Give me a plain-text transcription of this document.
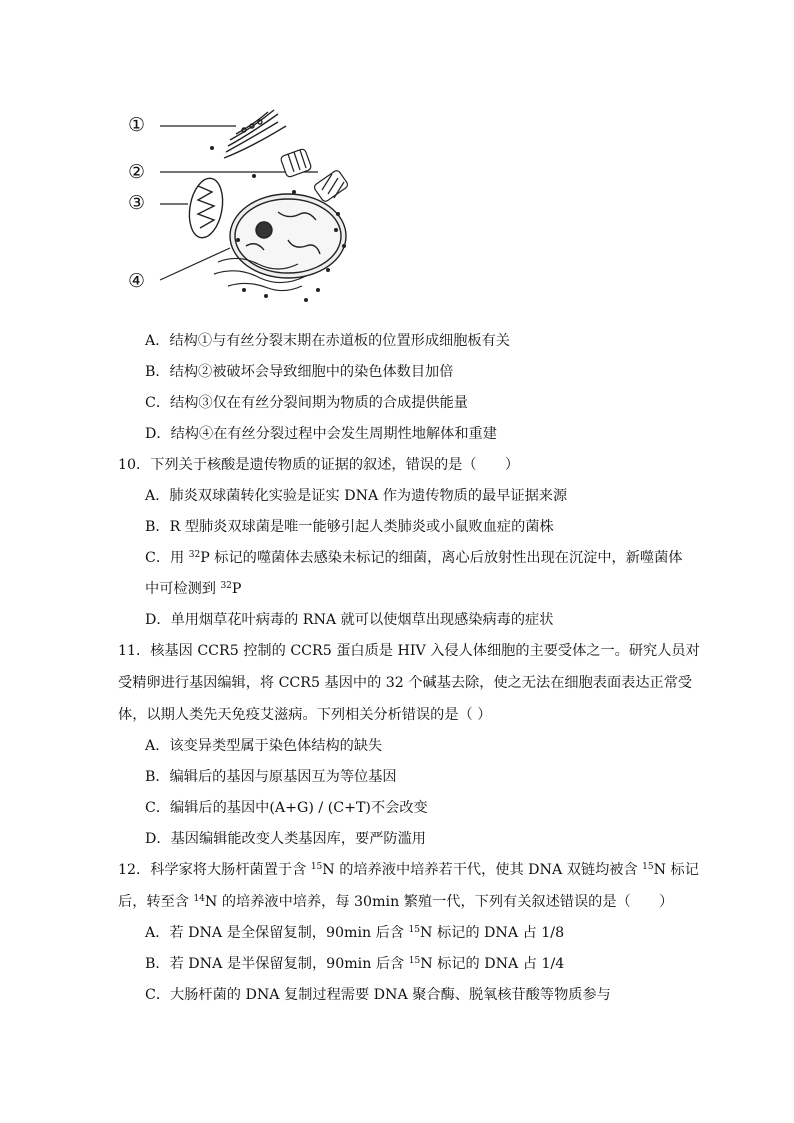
①
②
③
④
A．结构①与有丝分裂末期在赤道板的位置形成细胞板有关
B．结构②被破坏会导致细胞中的染色体数目加倍
C．结构③仅在有丝分裂间期为物质的合成提供能量
D．结构④在有丝分裂过程中会发生周期性地解体和重建
10．下列关于核酸是遗传物质的证据的叙述，错误的是（　　）
A．肺炎双球菌转化实验是证实 DNA 作为遗传物质的最早证据来源
B．R 型肺炎双球菌是唯一能够引起人类肺炎或小鼠败血症的菌株
C．用 $^{32}$P 标记的噬菌体去感染未标记的细菌，离心后放射性出现在沉淀中，新噬菌体
中可检测到 $^{32}$P
D．单用烟草花叶病毒的 RNA 就可以使烟草出现感染病毒的症状
11．核基因 CCR5 控制的 CCR5 蛋白质是 HIV 入侵人体细胞的主要受体之一。研究人员对
受精卵进行基因编辑，将 CCR5 基因中的 32 个碱基去除，使之无法在细胞表面表达正常受
体，以期人类先天免疫艾滋病。下列相关分析错误的是（ ）
A．该变异类型属于染色体结构的缺失
B．编辑后的基因与原基因互为等位基因
C．编辑后的基因中(A+G) / (C+T)不会改变
D．基因编辑能改变人类基因库，要严防滥用
12．科学家将大肠杆菌置于含 $^{15}$N 的培养液中培养若干代，使其 DNA 双链均被含 $^{15}$N 标记
后，转至含 $^{14}$N 的培养液中培养，每 30min 繁殖一代，下列有关叙述错误的是（　　）
A．若 DNA 是全保留复制，90min 后含 $^{15}$N 标记的 DNA 占 1/8
B．若 DNA 是半保留复制，90min 后含 $^{15}$N 标记的 DNA 占 1/4
C．大肠杆菌的 DNA 复制过程需要 DNA 聚合酶、脱氧核苷酸等物质参与
